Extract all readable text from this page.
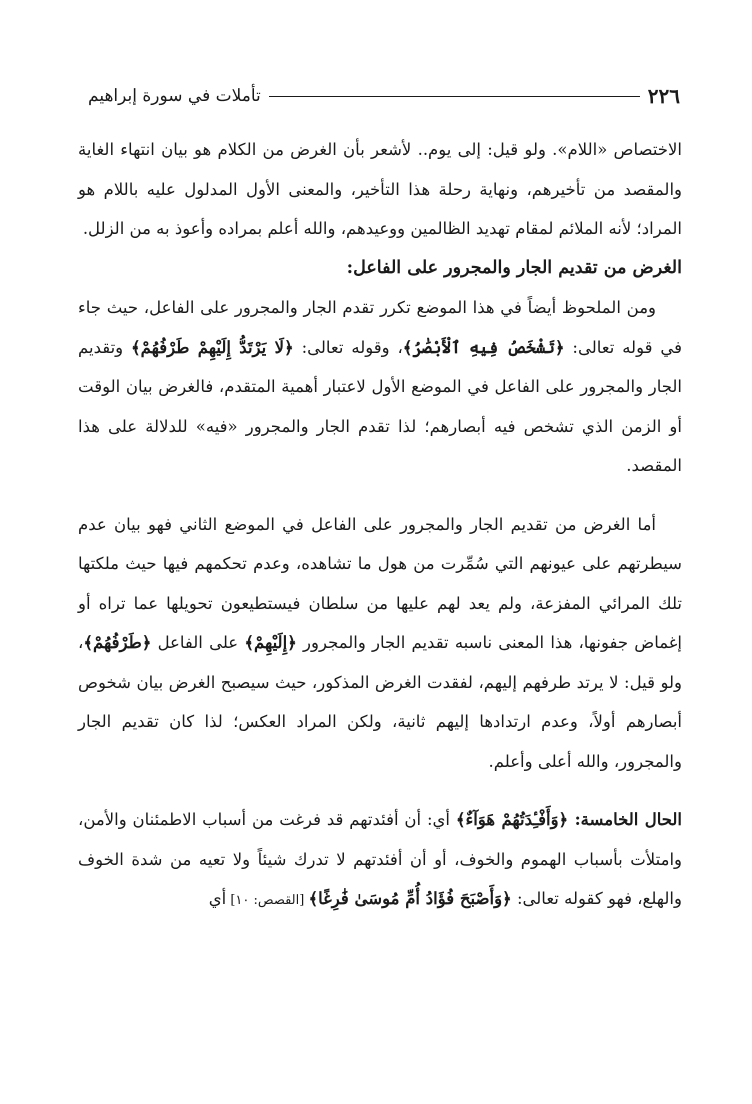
٢٢٦
تأملات في سورة إبراهيم

الاختصاص «اللام». ولو قيل: إلى يوم.. لأشعر بأن الغرض من الكلام هو بيان انتهاء الغاية والمقصد من تأخيرهم، ونهاية رحلة هذا التأخير، والمعنى الأول المدلول عليه باللام هو المراد؛ لأنه الملائم لمقام تهديد الظالمين ووعيدهم، والله أعلم بمراده وأعوذ به من الزلل.

الغرض من تقديم الجار والمجرور على الفاعل:

ومن الملحوظ أيضاً في هذا الموضع تكرر تقدم الجار والمجرور على الفاعل، حيث جاء في قوله تعالى: ﴿تَشْخَصُ فِيهِ ٱلْأَبْصَٰرُ﴾، وقوله تعالى: ﴿لَا يَرْتَدُّ إِلَيْهِمْ طَرْفُهُمْ﴾ وتقديم الجار والمجرور على الفاعل في الموضع الأول لاعتبار أهمية المتقدم، فالغرض بيان الوقت أو الزمن الذي تشخص فيه أبصارهم؛ لذا تقدم الجار والمجرور «فيه» للدلالة على هذا المقصد.

أما الغرض من تقديم الجار والمجرور على الفاعل في الموضع الثاني فهو بيان عدم سيطرتهم على عيونهم التي سُمِّرت من هول ما تشاهده، وعدم تحكمهم فيها حيث ملكتها تلك المرائي المفزعة، ولم يعد لهم عليها من سلطان فيستطيعون تحويلها عما تراه أو إغماض جفونها، هذا المعنى ناسبه تقديم الجار والمجرور ﴿إِلَيْهِمْ﴾ على الفاعل ﴿طَرْفُهُمْ﴾، ولو قيل: لا يرتد طرفهم إليهم، لفقدت الغرض المذكور، حيث سيصبح الغرض بيان شخوص أبصارهم أولاً، وعدم ارتدادها إليهم ثانية، ولكن المراد العكس؛ لذا كان تقديم الجار والمجرور، والله أعلى وأعلم.

الحال الخامسة: ﴿وَأَفْـِٔدَتُهُمْ هَوَآءٌ﴾ أي: أن أفئدتهم قد فرغت من أسباب الاطمئنان والأمن، وامتلأت بأسباب الهموم والخوف، أو أن أفئدتهم لا تدرك شيئاً ولا تعيه من شدة الخوف والهلع، فهو كقوله تعالى: ﴿وَأَصْبَحَ فُؤَادُ أُمِّ مُوسَىٰ فَٰرِغًا﴾ [القصص: ١٠] أي
